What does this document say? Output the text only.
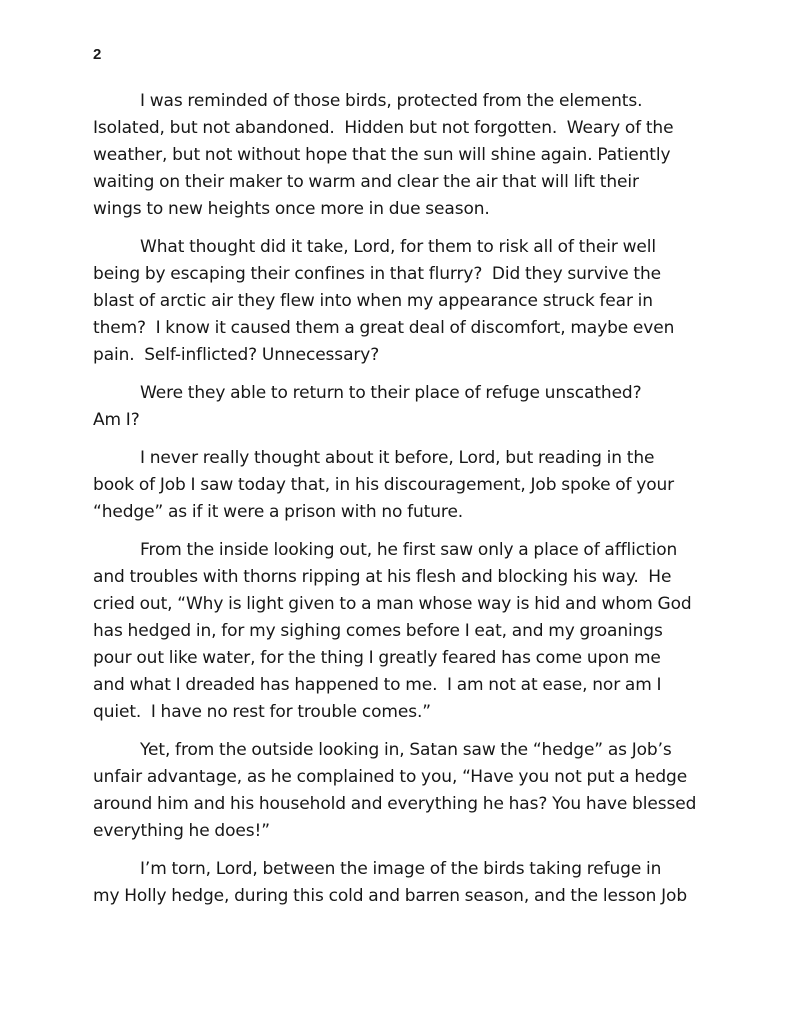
2
I was reminded of those birds, protected from the elements.
Isolated, but not abandoned.  Hidden but not forgotten.  Weary of the
weather, but not without hope that the sun will shine again. Patiently
waiting on their maker to warm and clear the air that will lift their
wings to new heights once more in due season.
What thought did it take, Lord, for them to risk all of their well
being by escaping their confines in that flurry?  Did they survive the
blast of arctic air they flew into when my appearance struck fear in
them?  I know it caused them a great deal of discomfort, maybe even
pain.  Self-inflicted? Unnecessary?
Were they able to return to their place of refuge unscathed?
Am I?
I never really thought about it before, Lord, but reading in the
book of Job I saw today that, in his discouragement, Job spoke of your
“hedge” as if it were a prison with no future.
From the inside looking out, he first saw only a place of affliction
and troubles with thorns ripping at his flesh and blocking his way.  He
cried out, “Why is light given to a man whose way is hid and whom God
has hedged in, for my sighing comes before I eat, and my groanings
pour out like water, for the thing I greatly feared has come upon me
and what I dreaded has happened to me.  I am not at ease, nor am I
quiet.  I have no rest for trouble comes.”
Yet, from the outside looking in, Satan saw the “hedge” as Job’s
unfair advantage, as he complained to you, “Have you not put a hedge
around him and his household and everything he has? You have blessed
everything he does!”
I’m torn, Lord, between the image of the birds taking refuge in
my Holly hedge, during this cold and barren season, and the lesson Job
